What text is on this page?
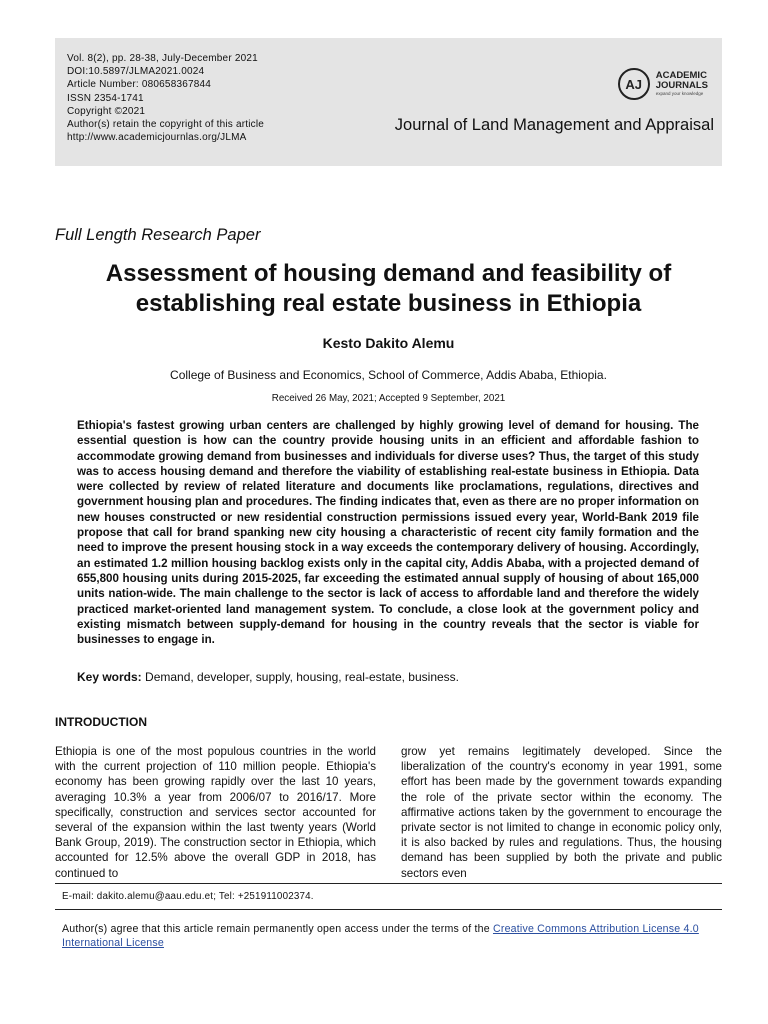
Vol. 8(2), pp. 28-38, July-December 2021
DOI:10.5897/JLMA2021.0024
Article Number: 080658367844
ISSN 2354-1741
Copyright ©2021
Author(s) retain the copyright of this article
http://www.academicjournlas.org/JLMA
AJ
ACADEMIC
JOURNALS
expand your knowledge
Journal of Land Management and Appraisal
Full Length Research Paper
Assessment of housing demand and feasibility of establishing real estate business in Ethiopia
Kesto Dakito Alemu
College of Business and Economics, School of Commerce, Addis Ababa, Ethiopia.
Received 26 May, 2021; Accepted 9 September, 2021
Ethiopia's fastest growing urban centers are challenged by highly growing level of demand for housing. The essential question is how can the country provide housing units in an efficient and affordable fashion to accommodate growing demand from businesses and individuals for diverse uses? Thus, the target of this study was to access housing demand and therefore the viability of establishing real-estate business in Ethiopia. Data were collected by review of related literature and documents like proclamations, regulations, directives and government housing plan and procedures. The finding indicates that, even as there are no proper information on new houses constructed or new residential construction permissions issued every year, World-Bank 2019 file propose that call for brand spanking new city housing a characteristic of recent city family formation and the need to improve the present housing stock in a way exceeds the contemporary delivery of housing. Accordingly, an estimated 1.2 million housing backlog exists only in the capital city, Addis Ababa, with a projected demand of 655,800 housing units during 2015-2025, far exceeding the estimated annual supply of housing of about 165,000 units nation-wide. The main challenge to the sector is lack of access to affordable land and therefore the widely practiced market-oriented land management system. To conclude, a close look at the government policy and existing mismatch between supply-demand for housing in the country reveals that the sector is viable for businesses to engage in.
Key words: Demand, developer, supply, housing, real-estate, business.
INTRODUCTION
Ethiopia is one of the most populous countries in the world with the current projection of 110 million people. Ethiopia's economy has been growing rapidly over the last 10 years, averaging 10.3% a year from 2006/07 to 2016/17. More specifically, construction and services sector accounted for several of the expansion within the last twenty years (World Bank Group, 2019). The construction sector in Ethiopia, which accounted for 12.5% above the overall GDP in 2018, has continued to
grow yet remains legitimately developed. Since the liberalization of the country's economy in year 1991, some effort has been made by the government towards expanding the role of the private sector within the economy. The affirmative actions taken by the government to encourage the private sector is not limited to change in economic policy only, it is also backed by rules and regulations. Thus, the housing demand has been supplied by both the private and public sectors even
E-mail: dakito.alemu@aau.edu.et; Tel: +251911002374.
Author(s) agree that this article remain permanently open access under the terms of the Creative Commons Attribution License 4.0 International License
